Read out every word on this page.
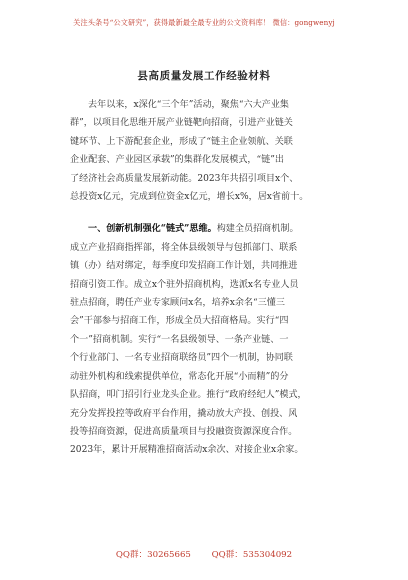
关注头条号“公文研究”，获得最新最全最专业的公文资料库！ 微信：gongwenyj
县高质量发展工作经验材料

去年以来，x深化“三个年”活动，聚焦“六大产业集
群”，以项目化思维开展产业链靶向招商，引进产业链关
键环节、上下游配套企业，形成了“链主企业领航、关联
企业配套、产业园区承载”的集群化发展模式，“链”出
了经济社会高质量发展新动能。2023年共招引项目x个、
总投资x亿元，完成到位资金x亿元，增长x%，居x省前十。

一、创新机制强化“链式”思维。构建全员招商机制。
成立产业招商指挥部，将全体县级领导与包抓部门、联系
镇（办）结对绑定，每季度印发招商工作计划，共同推进
招商引资工作。成立x个驻外招商机构，选派x名专业人员
驻点招商，聘任产业专家顾问x名，培养x余名“三懂三
会”干部参与招商工作，形成全员大招商格局。实行“四
个一”招商机制。实行“一名县级领导、一条产业链、一
个行业部门、一名专业招商联络员”四个一机制，协同联
动驻外机构和线索提供单位，常态化开展“小而精”的分
队招商，叩门招引行业龙头企业。推行“政府经纪人”模式，
充分发挥投控等政府平台作用，撬动放大产投、创投、风
投等招商资源，促进高质量项目与投融资资源深度合作。
2023年，累计开展精准招商活动x余次、对接企业x余家。

QQ群：30265665 QQ群：535304092
